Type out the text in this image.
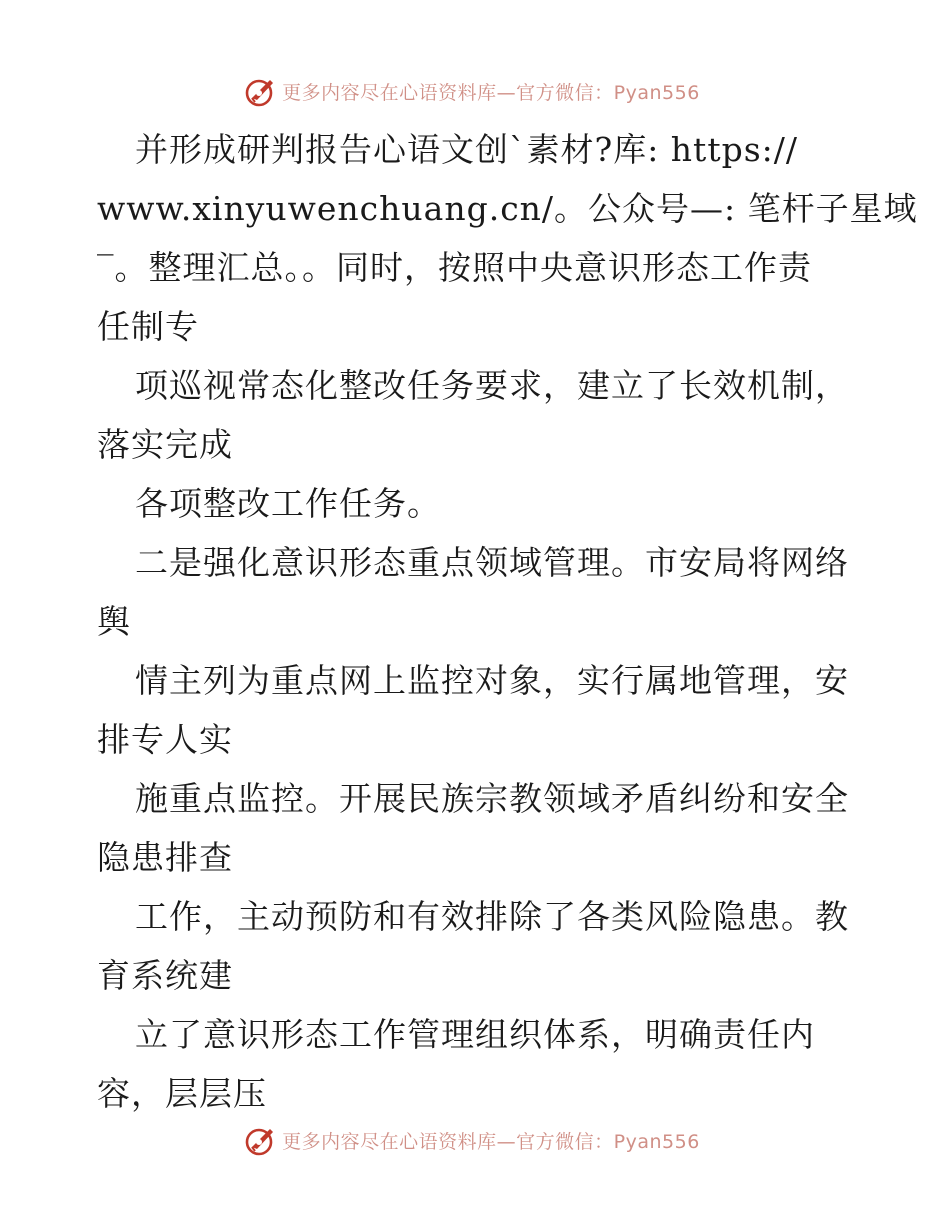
更多内容尽在心语资料库—官方微信：Pyan556
并形成研判报告心语文创`素材?库: https://
www.xinyuwenchuang.cn/。公众号—: 笔杆子星域
‾。整理汇总。。同时，按照中央意识形态工作责
任制专
项巡视常态化整改任务要求，建立了长效机制，
落实完成
各项整改工作任务。
二是强化意识形态重点领域管理。市安局将网络
舆
情主列为重点网上监控对象，实行属地管理，安
排专人实
施重点监控。开展民族宗教领域矛盾纠纷和安全
隐患排查
工作，主动预防和有效排除了各类风险隐患。教
育系统建
立了意识形态工作管理组织体系，明确责任内
容，层层压
更多内容尽在心语资料库—官方微信：Pyan556
